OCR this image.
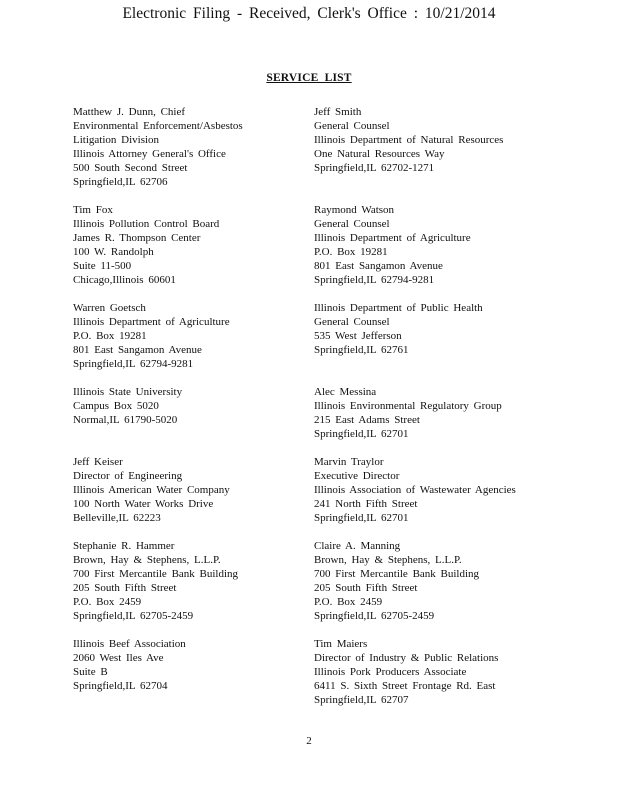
Electronic Filing - Received, Clerk's Office : 10/21/2014
SERVICE  LIST
Matthew J. Dunn, Chief
Environmental Enforcement/Asbestos
Litigation Division
Illinois Attorney General's Office
500 South Second Street
Springfield,IL 62706
Tim Fox
Illinois Pollution Control Board
James R. Thompson Center
100 W. Randolph
Suite 11-500
Chicago,Illinois 60601
Warren Goetsch
Illinois Department of Agriculture
P.O. Box 19281
801 East Sangamon Avenue
Springfield,IL 62794-9281
Illinois State University
Campus Box 5020
Normal,IL 61790-5020
Jeff Keiser
Director of Engineering
Illinois American Water Company
100 North Water Works Drive
Belleville,IL 62223
Stephanie R. Hammer
Brown, Hay & Stephens, L.L.P.
700 First Mercantile Bank Building
205 South Fifth Street
P.O. Box 2459
Springfield,IL 62705-2459
Illinois Beef Association
2060 West Iles Ave
Suite B
Springfield,IL 62704
Jeff Smith
General Counsel
Illinois Department of Natural Resources
One Natural Resources Way
Springfield,IL 62702-1271
Raymond Watson
General Counsel
Illinois Department of Agriculture
P.O. Box 19281
801 East Sangamon Avenue
Springfield,IL 62794-9281
Illinois Department of Public Health
General Counsel
535 West Jefferson
Springfield,IL 62761
Alec Messina
Illinois Environmental Regulatory Group
215 East Adams Street
Springfield,IL 62701
Marvin Traylor
Executive Director
Illinois Association of Wastewater Agencies
241 North Fifth Street
Springfield,IL 62701
Claire A. Manning
Brown, Hay & Stephens, L.L.P.
700 First Mercantile Bank Building
205 South Fifth Street
P.O. Box 2459
Springfield,IL 62705-2459
Tim Maiers
Director of Industry & Public Relations
Illinois Pork Producers Associate
6411 S. Sixth Street Frontage Rd. East
Springfield,IL 62707
2
